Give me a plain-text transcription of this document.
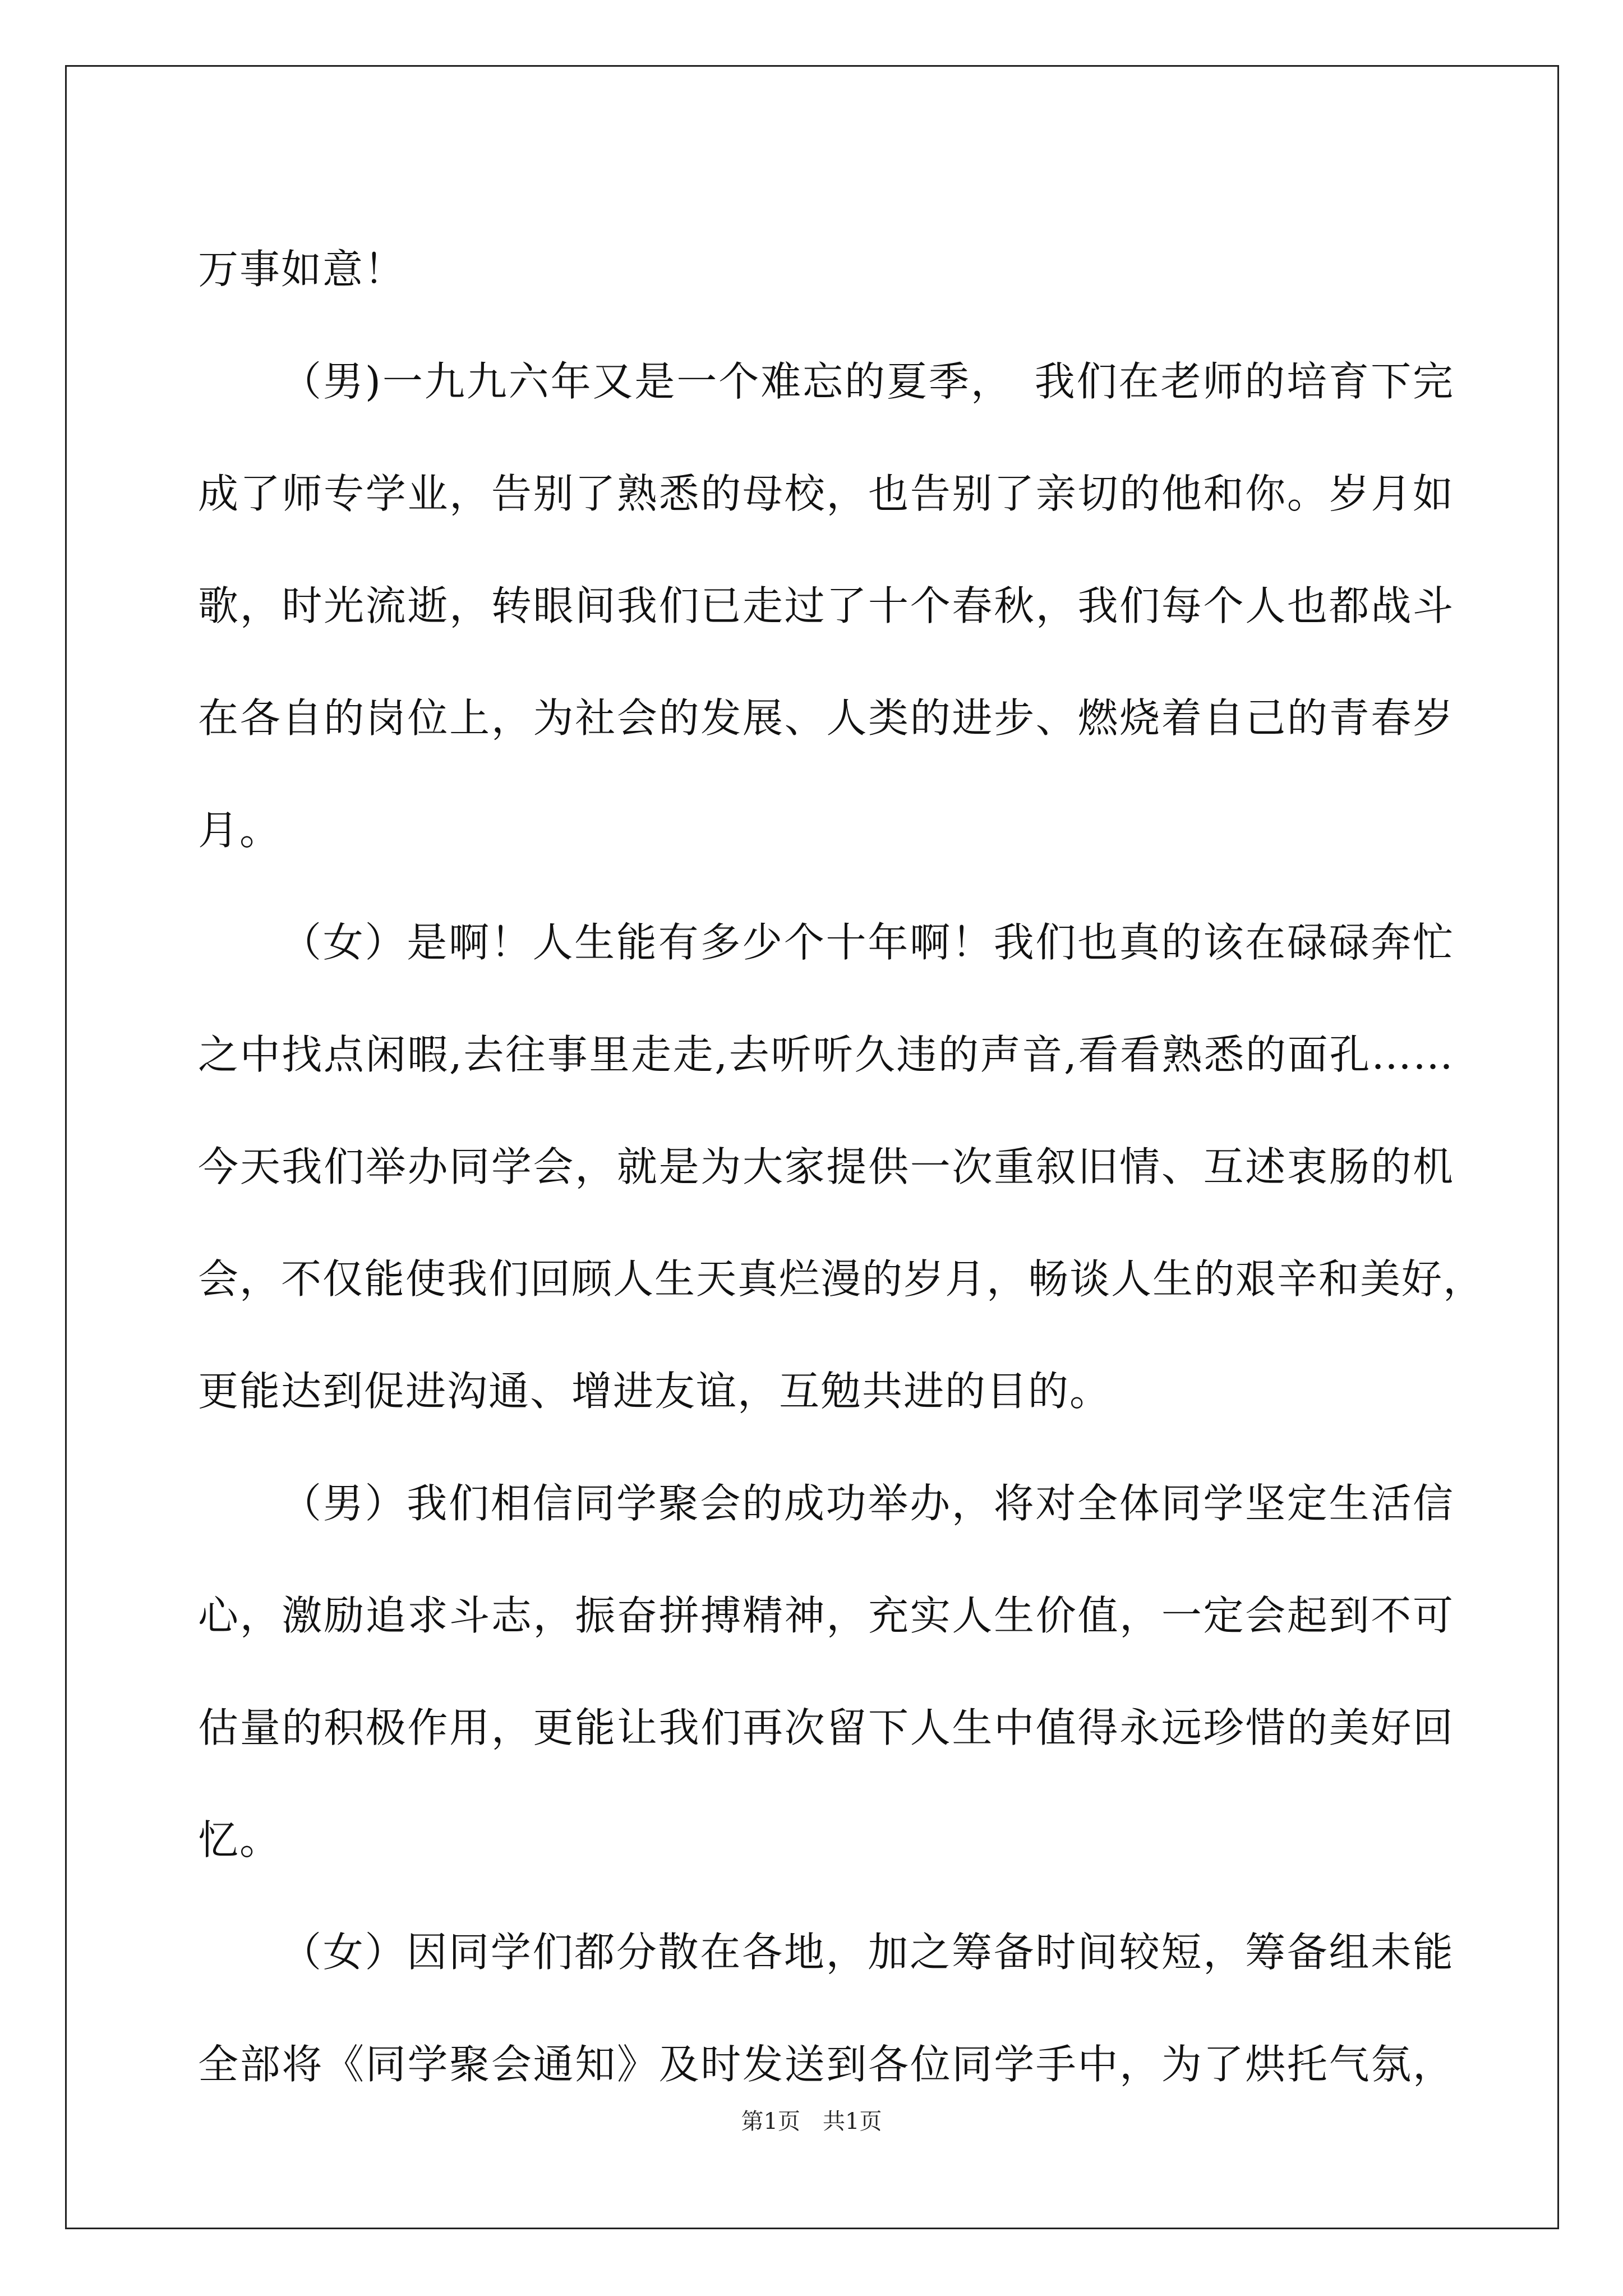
万事如意！
（男)一九九六年又是一个难忘的夏季，　我们在老师的培育下完
成了师专学业，告别了熟悉的母校，也告别了亲切的他和你。岁月如
歌，时光流逝，转眼间我们已走过了十个春秋，我们每个人也都战斗
在各自的岗位上，为社会的发展、人类的进步、燃烧着自己的青春岁
月。
（女）是啊！人生能有多少个十年啊！我们也真的该在碌碌奔忙
之中找点闲暇,去往事里走走,去听听久违的声音,看看熟悉的面孔……
今天我们举办同学会，就是为大家提供一次重叙旧情、互述衷肠的机
会，不仅能使我们回顾人生天真烂漫的岁月，畅谈人生的艰辛和美好，
更能达到促进沟通、增进友谊，互勉共进的目的。
（男）我们相信同学聚会的成功举办，将对全体同学坚定生活信
心，激励追求斗志，振奋拼搏精神，充实人生价值，一定会起到不可
估量的积极作用，更能让我们再次留下人生中值得永远珍惜的美好回
忆。
（女）因同学们都分散在各地，加之筹备时间较短，筹备组未能
全部将《同学聚会通知》及时发送到各位同学手中，为了烘托气氛，
第1页　共1页
